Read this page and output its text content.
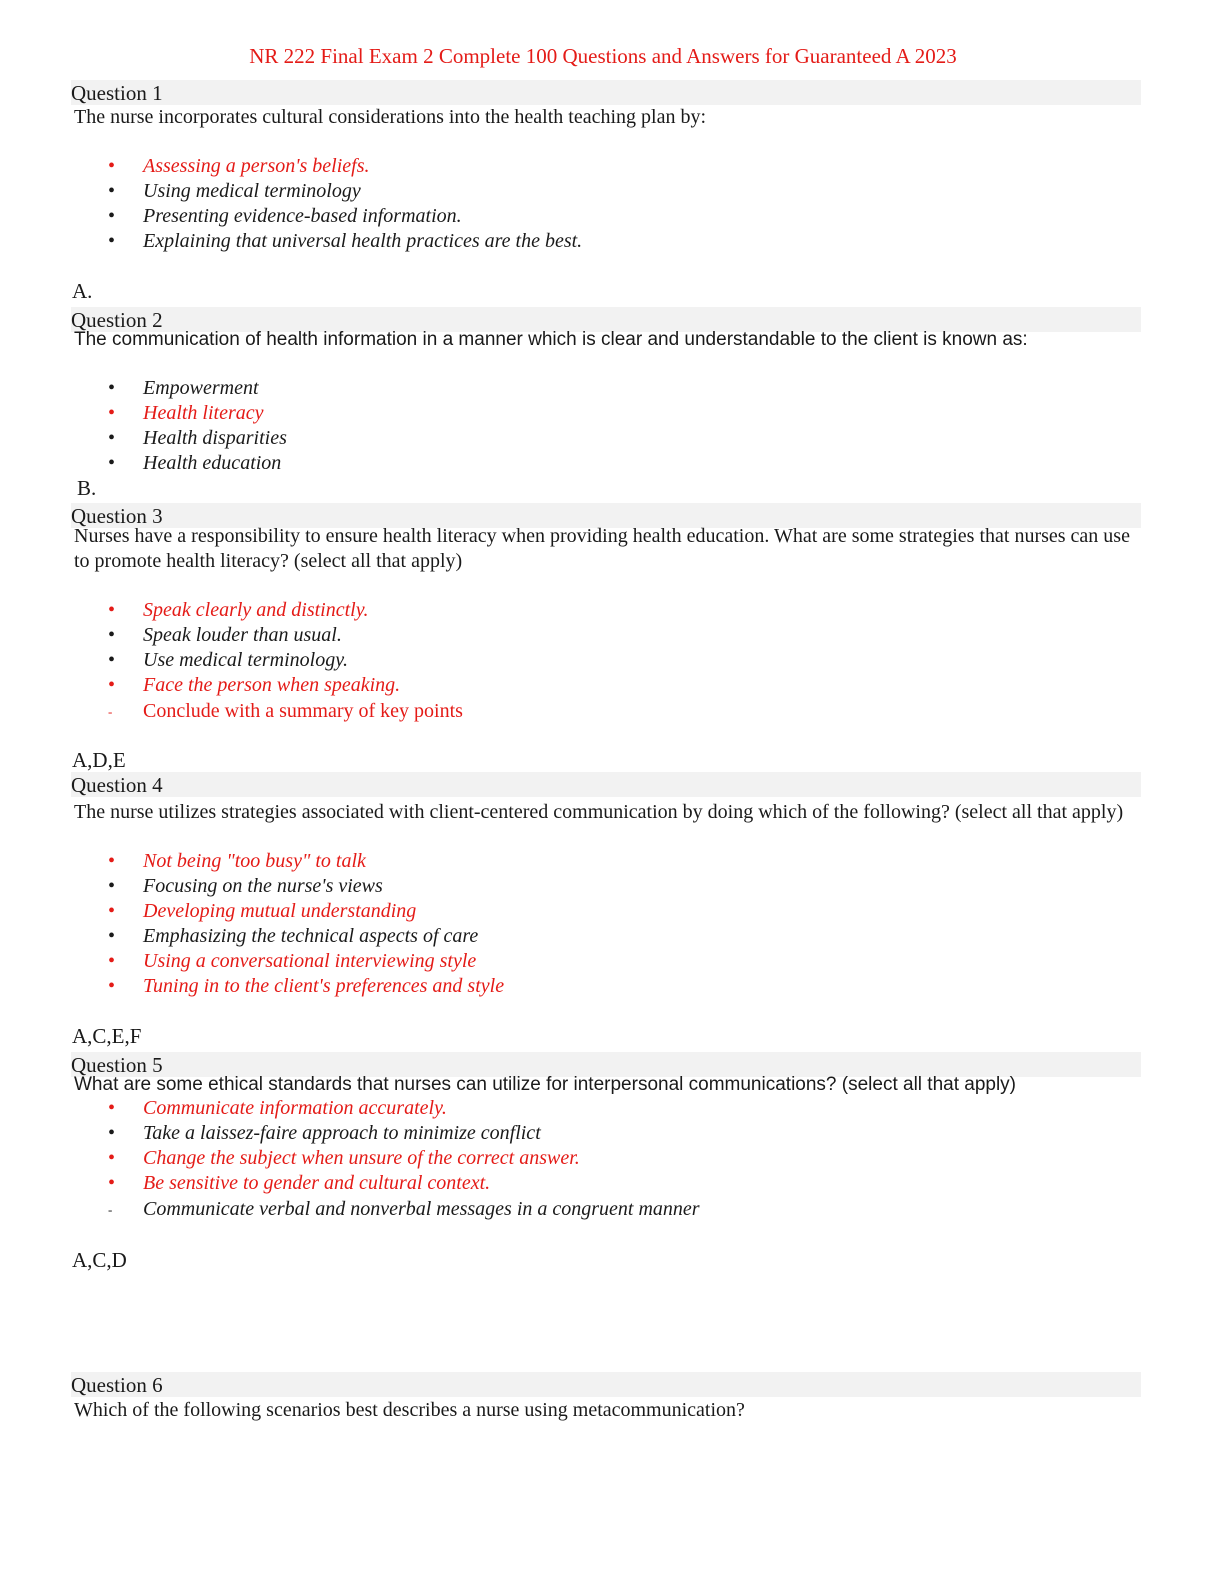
NR 222 Final Exam 2 Complete 100 Questions and Answers for Guaranteed A 2023
Question 1
The nurse incorporates cultural considerations into the health teaching plan by:
•	Assessing a person's beliefs.
•	Using medical terminology
•	Presenting evidence-based information.
•	Explaining that universal health practices are the best.
A.
Question 2
The communication of health information in a manner which is clear and understandable to the client is known as:
•	Empowerment
•	Health literacy
•	Health disparities
•	Health education
B.
Question 3
Nurses have a responsibility to ensure health literacy when providing health education. What are some strategies that nurses can use to promote health literacy? (select all that apply)
•	Speak clearly and distinctly.
•	Speak louder than usual.
•	Use medical terminology.
•	Face the person when speaking.
-	Conclude with a summary of key points
A,D,E
Question 4
The nurse utilizes strategies associated with client-centered communication by doing which of the following? (select all that apply)
•	Not being "too busy" to talk
•	Focusing on the nurse's views
•	Developing mutual understanding
•	Emphasizing the technical aspects of care
•	Using a conversational interviewing style
•	Tuning in to the client's preferences and style
A,C,E,F
Question 5
What are some ethical standards that nurses can utilize for interpersonal communications? (select all that apply)
•	Communicate information accurately.
•	Take a laissez-faire approach to minimize conflict
•	Change the subject when unsure of the correct answer.
•	Be sensitive to gender and cultural context.
-	Communicate verbal and nonverbal messages in a congruent manner
A,C,D
Question 6
Which of the following scenarios best describes a nurse using metacommunication?
